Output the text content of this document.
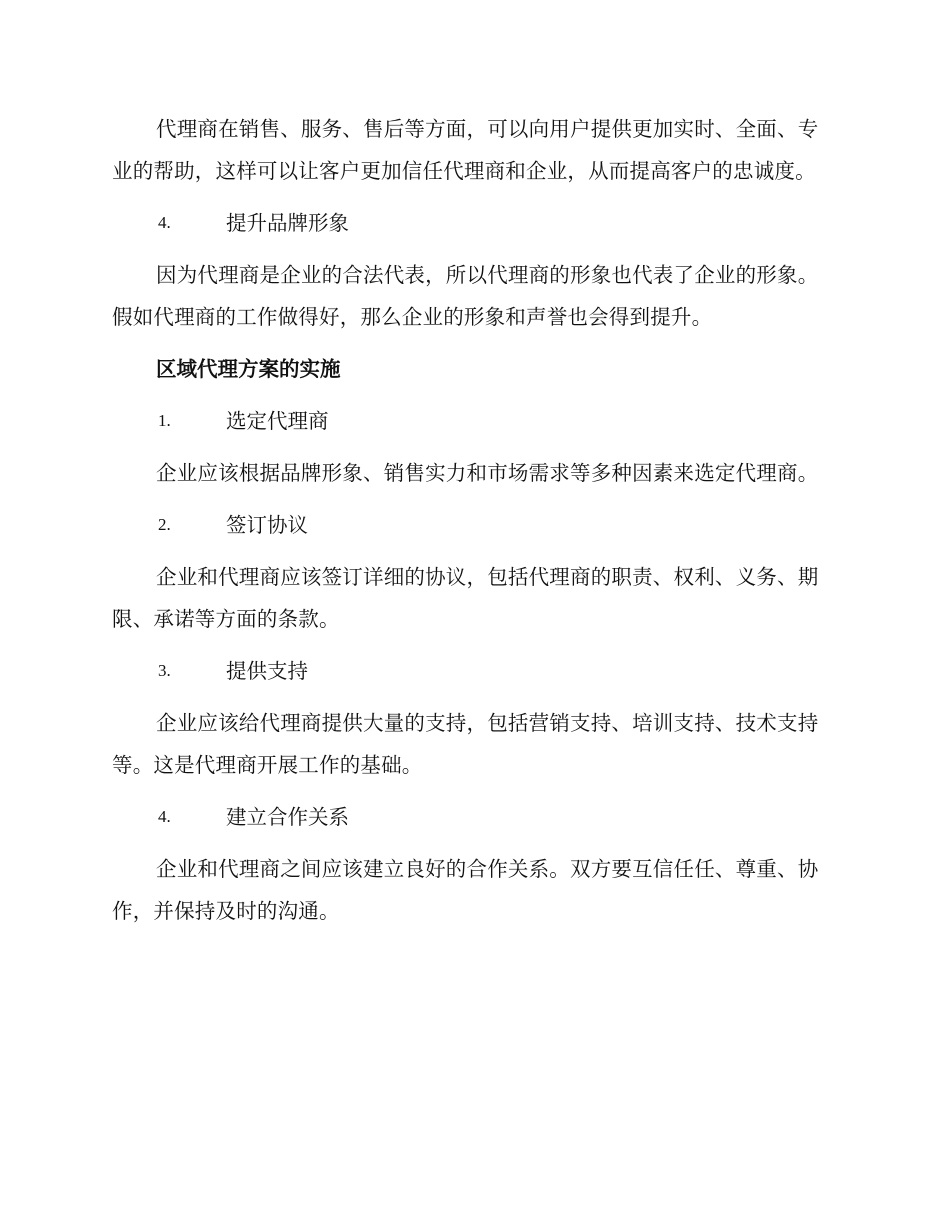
代理商在销售、服务、售后等方面，可以向用户提供更加实时、全面、专业的帮助，这样可以让客户更加信任代理商和企业，从而提高客户的忠诚度。

4.	提升品牌形象

因为代理商是企业的合法代表，所以代理商的形象也代表了企业的形象。假如代理商的工作做得好，那么企业的形象和声誉也会得到提升。

区域代理方案的实施
1.	选定代理商

企业应该根据品牌形象、销售实力和市场需求等多种因素来选定代理商。

2.	签订协议

企业和代理商应该签订详细的协议，包括代理商的职责、权利、义务、期限、承诺等方面的条款。

3.	提供支持

企业应该给代理商提供大量的支持，包括营销支持、培训支持、技术支持等。这是代理商开展工作的基础。

4.	建立合作关系

企业和代理商之间应该建立良好的合作关系。双方要互信任任、尊重、协作，并保持及时的沟通。
